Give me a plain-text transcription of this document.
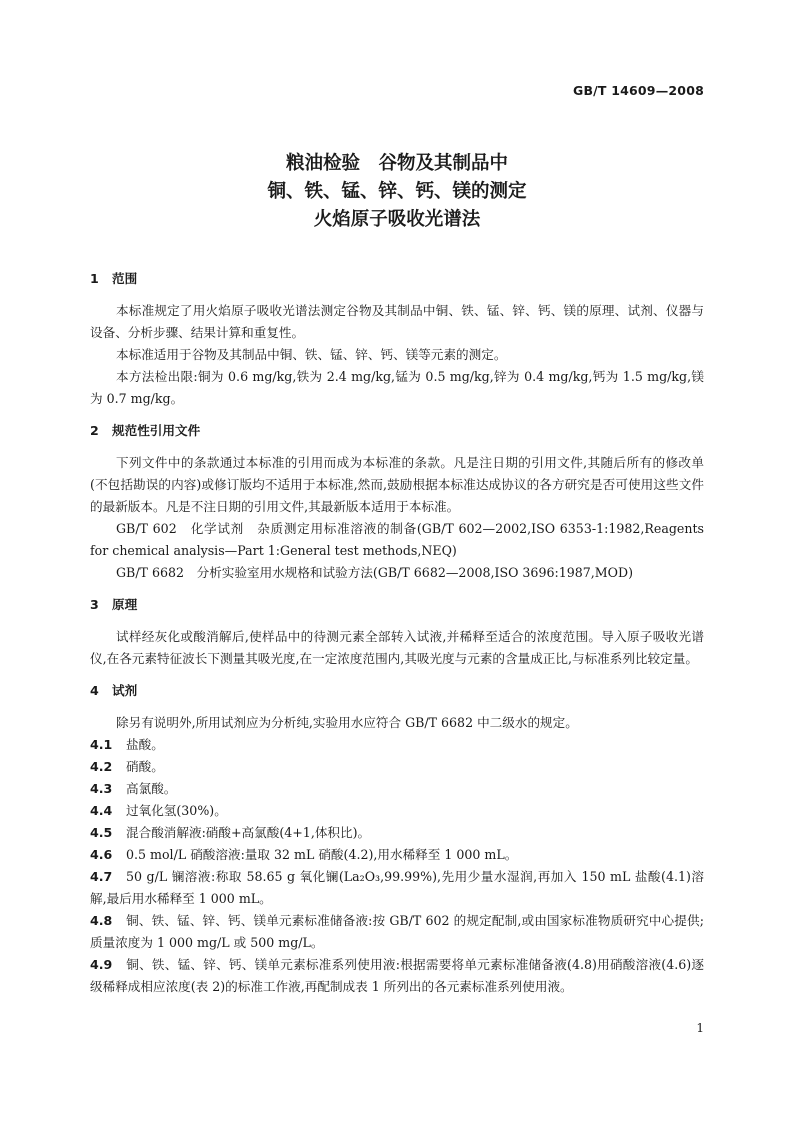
GB/T 14609—2008
粮油检验　谷物及其制品中
铜、铁、锰、锌、钙、镁的测定
火焰原子吸收光谱法

1 范围

本标准规定了用火焰原子吸收光谱法测定谷物及其制品中铜、铁、锰、锌、钙、镁的原理、试剂、仪器与设备、分析步骤、结果计算和重复性。

本标准适用于谷物及其制品中铜、铁、锰、锌、钙、镁等元素的测定。

本方法检出限:铜为 0.6 mg/kg,铁为 2.4 mg/kg,锰为 0.5 mg/kg,锌为 0.4 mg/kg,钙为 1.5 mg/kg,镁为 0.7 mg/kg。

2 规范性引用文件

下列文件中的条款通过本标准的引用而成为本标准的条款。凡是注日期的引用文件,其随后所有的修改单(不包括勘误的内容)或修订版均不适用于本标准,然而,鼓励根据本标准达成协议的各方研究是否可使用这些文件的最新版本。凡是不注日期的引用文件,其最新版本适用于本标准。

GB/T 602　化学试剂　杂质测定用标准溶液的制备(GB/T 602—2002,ISO 6353-1:1982,Reagents for chemical analysis—Part 1:General test methods,NEQ)

GB/T 6682　分析实验室用水规格和试验方法(GB/T 6682—2008,ISO 3696:1987,MOD)

3 原理

试样经灰化或酸消解后,使样品中的待测元素全部转入试液,并稀释至适合的浓度范围。导入原子吸收光谱仪,在各元素特征波长下测量其吸光度,在一定浓度范围内,其吸光度与元素的含量成正比,与标准系列比较定量。

4 试剂

除另有说明外,所用试剂应为分析纯,实验用水应符合 GB/T 6682 中二级水的规定。

4.1 盐酸。

4.2 硝酸。

4.3 高氯酸。

4.4 过氧化氢(30%)。

4.5 混合酸消解液:硝酸+高氯酸(4+1,体积比)。

4.6 0.5 mol/L 硝酸溶液:量取 32 mL 硝酸(4.2),用水稀释至 1 000 mL。

4.7 50 g/L 镧溶液:称取 58.65 g 氧化镧(La₂O₃,99.99%),先用少量水湿润,再加入 150 mL 盐酸(4.1)溶解,最后用水稀释至 1 000 mL。

4.8 铜、铁、锰、锌、钙、镁单元素标准储备液:按 GB/T 602 的规定配制,或由国家标准物质研究中心提供;质量浓度为 1 000 mg/L 或 500 mg/L。

4.9 铜、铁、锰、锌、钙、镁单元素标准系列使用液:根据需要将单元素标准储备液(4.8)用硝酸溶液(4.6)逐级稀释成相应浓度(表 2)的标准工作液,再配制成表 1 所列出的各元素标准系列使用液。

1
